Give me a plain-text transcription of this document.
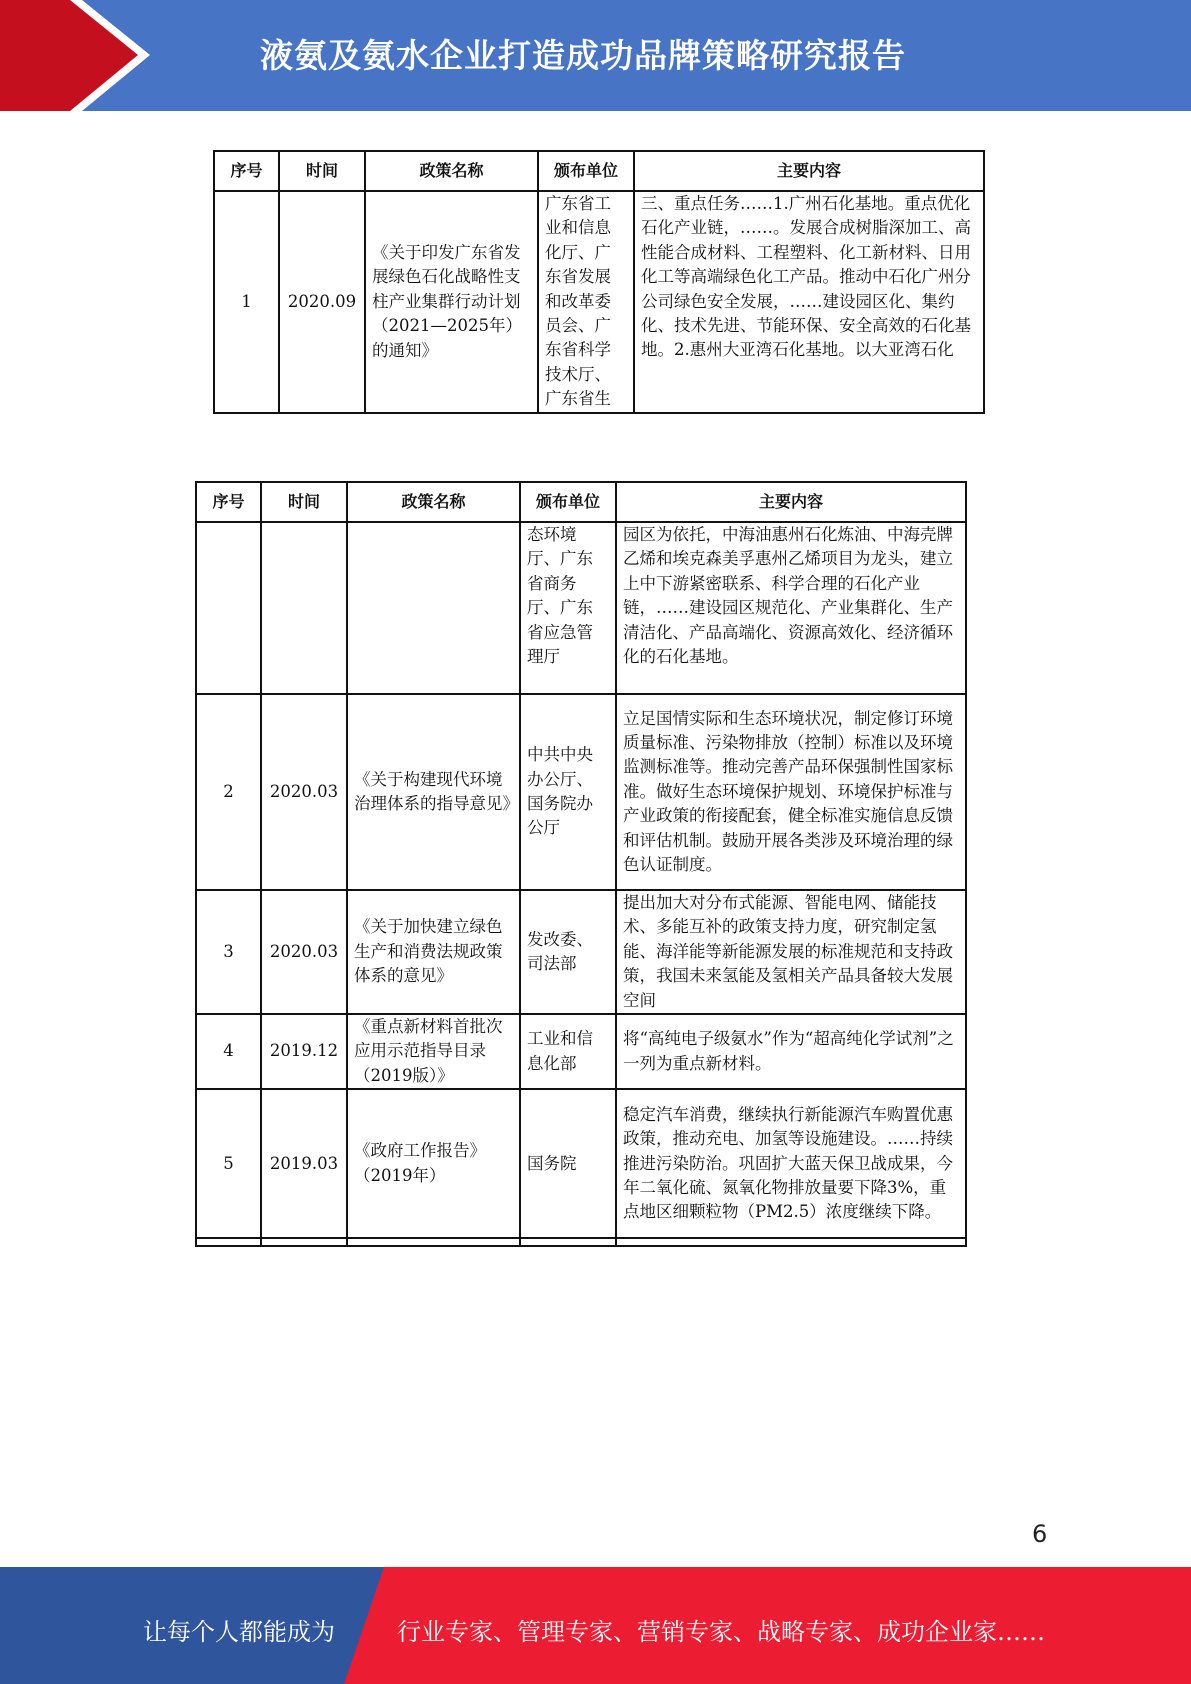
液氨及氨水企业打造成功品牌策略研究报告
序号	时间	政策名称	颁布单位	主要内容
1	2020.09	《关于印发广东省发展绿色石化战略性支柱产业集群行动计划（2021—2025年）的通知》	广东省工业和信息化厅、广东省发展和改革委员会、广东省科学技术厅、广东省生	三、重点任务……1.广州石化基地。重点优化石化产业链，……。发展合成树脂深加工、高性能合成材料、工程塑料、化工新材料、日用化工等高端绿色化工产品。推动中石化广州分公司绿色安全发展，……建设园区化、集约化、技术先进、节能环保、安全高效的石化基地。2.惠州大亚湾石化基地。以大亚湾石化
序号	时间	政策名称	颁布单位	主要内容
			态环境厅、广东省商务厅、广东省应急管理厅	园区为依托，中海油惠州石化炼油、中海壳牌乙烯和埃克森美孚惠州乙烯项目为龙头，建立上中下游紧密联系、科学合理的石化产业链，……建设园区规范化、产业集群化、生产清洁化、产品高端化、资源高效化、经济循环化的石化基地。
2	2020.03	《关于构建现代环境治理体系的指导意见》	中共中央办公厅、国务院办公厅	立足国情实际和生态环境状况，制定修订环境质量标准、污染物排放（控制）标准以及环境监测标准等。推动完善产品环保强制性国家标准。做好生态环境保护规划、环境保护标准与产业政策的衔接配套，健全标准实施信息反馈和评估机制。鼓励开展各类涉及环境治理的绿色认证制度。
3	2020.03	《关于加快建立绿色生产和消费法规政策体系的意见》	发改委、司法部	提出加大对分布式能源、智能电网、储能技术、多能互补的政策支持力度，研究制定氢能、海洋能等新能源发展的标准规范和支持政策，我国未来氢能及氢相关产品具备较大发展空间
4	2019.12	《重点新材料首批次应用示范指导目录（2019版）》	工业和信息化部	将“高纯电子级氨水”作为“超高纯化学试剂”之一列为重点新材料。
5	2019.03	《政府工作报告》（2019年）	国务院	稳定汽车消费，继续执行新能源汽车购置优惠政策，推动充电、加氢等设施建设。……持续推进污染防治。巩固扩大蓝天保卫战成果，今年二氧化硫、氮氧化物排放量要下降3%，重点地区细颗粒物（PM2.5）浓度继续下降。

6
让每个人都能成为	行业专家、管理专家、营销专家、战略专家、成功企业家……
